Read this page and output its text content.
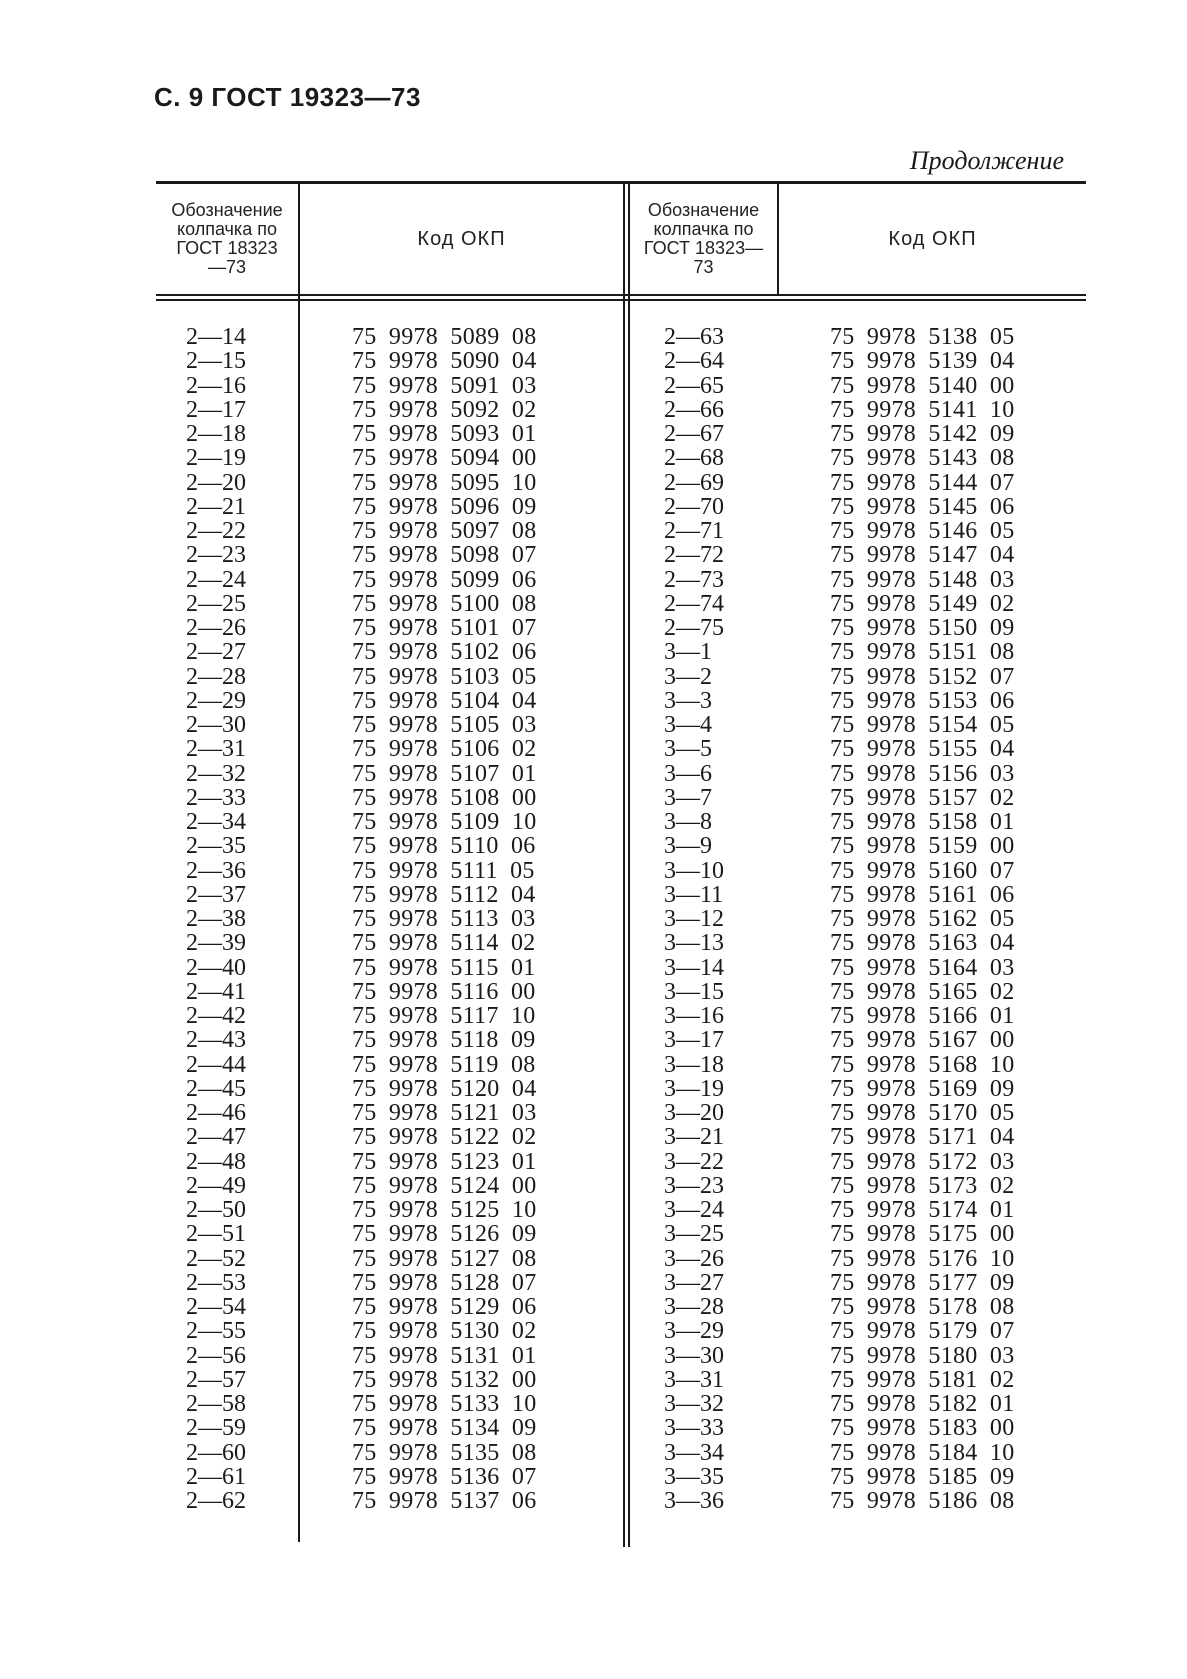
С. 9 ГОСТ 19323—73
Продолжение
Обозначение колпачка по ГОСТ 18323—73
Код ОКП
Обозначение колпачка по ГОСТ 18323—73
Код ОКП
2—14
2—15
2—16
2—17
2—18
2—19
2—20
2—21
2—22
2—23
2—24
2—25
2—26
2—27
2—28
2—29
2—30
2—31
2—32
2—33
2—34
2—35
2—36
2—37
2—38
2—39
2—40
2—41
2—42
2—43
2—44
2—45
2—46
2—47
2—48
2—49
2—50
2—51
2—52
2—53
2—54
2—55
2—56
2—57
2—58
2—59
2—60
2—61
2—62
75 9978 5089 08
75 9978 5090 04
75 9978 5091 03
75 9978 5092 02
75 9978 5093 01
75 9978 5094 00
75 9978 5095 10
75 9978 5096 09
75 9978 5097 08
75 9978 5098 07
75 9978 5099 06
75 9978 5100 08
75 9978 5101 07
75 9978 5102 06
75 9978 5103 05
75 9978 5104 04
75 9978 5105 03
75 9978 5106 02
75 9978 5107 01
75 9978 5108 00
75 9978 5109 10
75 9978 5110 06
75 9978 5111 05
75 9978 5112 04
75 9978 5113 03
75 9978 5114 02
75 9978 5115 01
75 9978 5116 00
75 9978 5117 10
75 9978 5118 09
75 9978 5119 08
75 9978 5120 04
75 9978 5121 03
75 9978 5122 02
75 9978 5123 01
75 9978 5124 00
75 9978 5125 10
75 9978 5126 09
75 9978 5127 08
75 9978 5128 07
75 9978 5129 06
75 9978 5130 02
75 9978 5131 01
75 9978 5132 00
75 9978 5133 10
75 9978 5134 09
75 9978 5135 08
75 9978 5136 07
75 9978 5137 06
2—63
2—64
2—65
2—66
2—67
2—68
2—69
2—70
2—71
2—72
2—73
2—74
2—75
3—1
3—2
3—3
3—4
3—5
3—6
3—7
3—8
3—9
3—10
3—11
3—12
3—13
3—14
3—15
3—16
3—17
3—18
3—19
3—20
3—21
3—22
3—23
3—24
3—25
3—26
3—27
3—28
3—29
3—30
3—31
3—32
3—33
3—34
3—35
3—36
75 9978 5138 05
75 9978 5139 04
75 9978 5140 00
75 9978 5141 10
75 9978 5142 09
75 9978 5143 08
75 9978 5144 07
75 9978 5145 06
75 9978 5146 05
75 9978 5147 04
75 9978 5148 03
75 9978 5149 02
75 9978 5150 09
75 9978 5151 08
75 9978 5152 07
75 9978 5153 06
75 9978 5154 05
75 9978 5155 04
75 9978 5156 03
75 9978 5157 02
75 9978 5158 01
75 9978 5159 00
75 9978 5160 07
75 9978 5161 06
75 9978 5162 05
75 9978 5163 04
75 9978 5164 03
75 9978 5165 02
75 9978 5166 01
75 9978 5167 00
75 9978 5168 10
75 9978 5169 09
75 9978 5170 05
75 9978 5171 04
75 9978 5172 03
75 9978 5173 02
75 9978 5174 01
75 9978 5175 00
75 9978 5176 10
75 9978 5177 09
75 9978 5178 08
75 9978 5179 07
75 9978 5180 03
75 9978 5181 02
75 9978 5182 01
75 9978 5183 00
75 9978 5184 10
75 9978 5185 09
75 9978 5186 08
